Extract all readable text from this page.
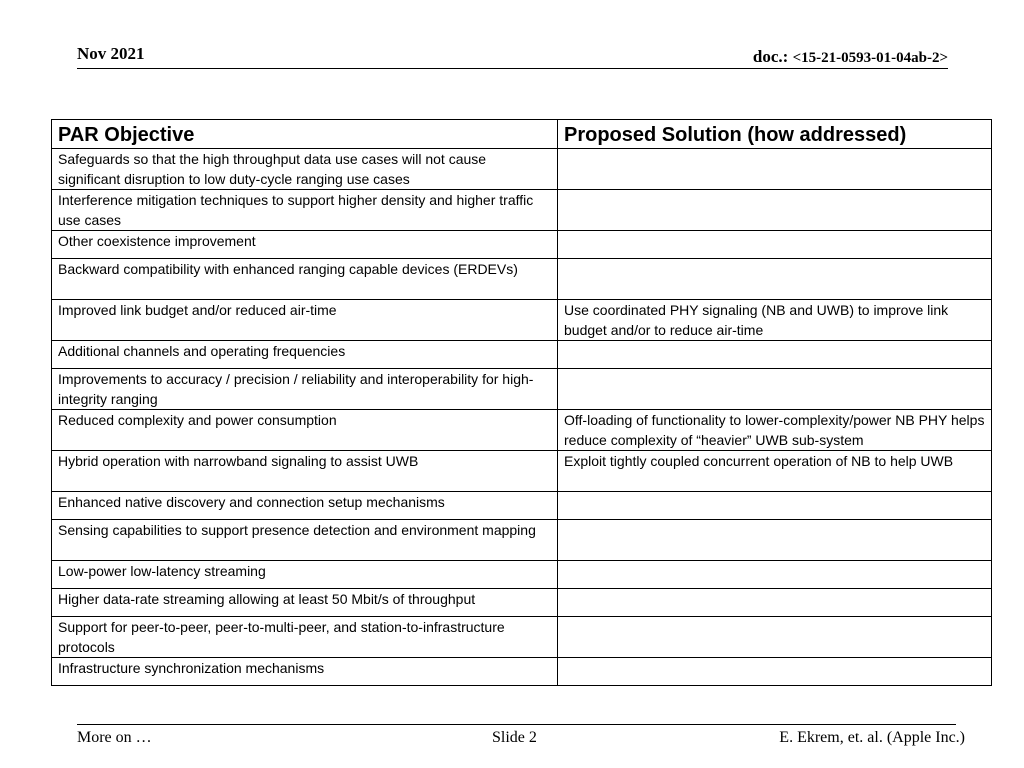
Nov 2021	doc.: <15-21-0593-01-04ab-2>
PAR Objective	Proposed Solution (how addressed)
Safeguards so that the high throughput data use cases will not cause significant disruption to low duty-cycle ranging use cases	
Interference mitigation techniques to support higher density and higher traffic use cases	
Other coexistence improvement	
Backward compatibility with enhanced ranging capable devices (ERDEVs)	
Improved link budget and/or reduced air-time	Use coordinated PHY signaling (NB and UWB) to improve link budget and/or to reduce air-time
Additional channels and operating frequencies	
Improvements to accuracy / precision / reliability and interoperability for high-integrity ranging	
Reduced complexity and power consumption	Off-loading of functionality to lower-complexity/power NB PHY helps reduce complexity of “heavier” UWB sub-system
Hybrid operation with narrowband signaling to assist UWB	Exploit tightly coupled concurrent operation of NB to help UWB
Enhanced native discovery and connection setup mechanisms	
Sensing capabilities to support presence detection and environment mapping	
Low-power low-latency streaming	
Higher data-rate streaming allowing at least 50 Mbit/s of throughput	
Support for peer-to-peer, peer-to-multi-peer, and station-to-infrastructure protocols	
Infrastructure synchronization mechanisms	
More on …	Slide 2	E. Ekrem, et. al. (Apple Inc.)
